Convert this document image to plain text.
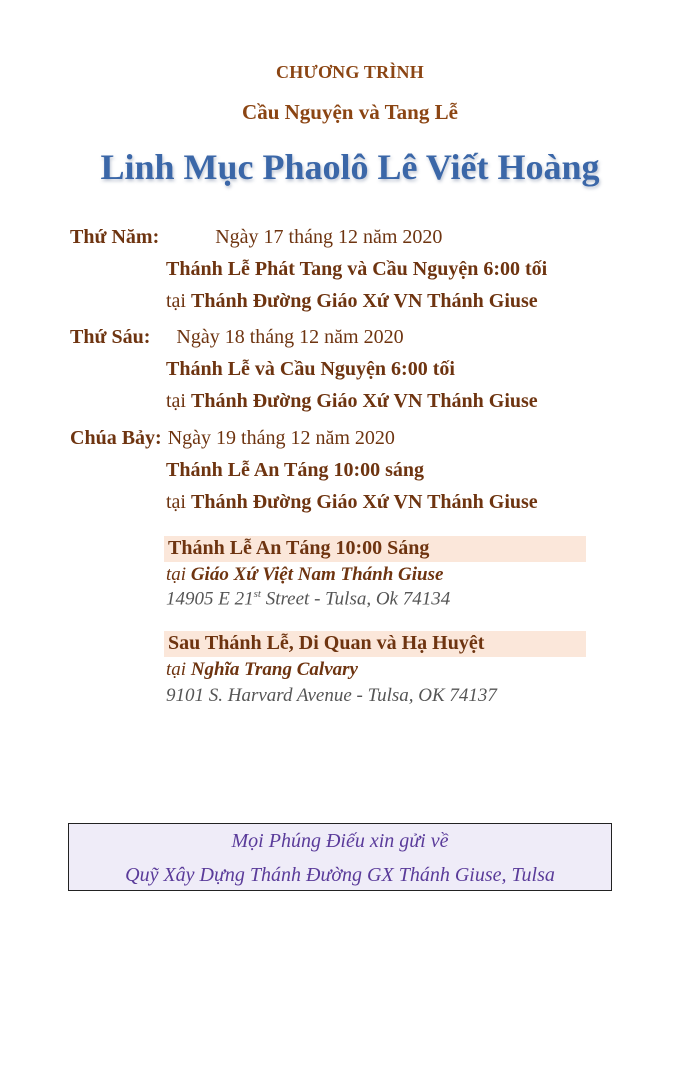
CHƯƠNG TRÌNH
Cầu Nguyện và Tang Lễ
Linh Mục Phaolô Lê Viết Hoàng
Thứ Năm:	Ngày 17 tháng 12 năm 2020
Thánh Lễ Phát Tang và Cầu Nguyện 6:00 tối
tại Thánh Đường Giáo Xứ VN Thánh Giuse
Thứ Sáu: Ngày 18 tháng 12 năm 2020
Thánh Lễ và Cầu Nguyện 6:00 tối
tại Thánh Đường Giáo Xứ VN Thánh Giuse
Chúa Bảy: Ngày 19 tháng 12 năm 2020
Thánh Lễ An Táng 10:00 sáng
tại Thánh Đường Giáo Xứ VN Thánh Giuse
Thánh Lễ An Táng 10:00 Sáng
tại Giáo Xứ Việt Nam Thánh Giuse
14905 E 21st Street - Tulsa, Ok 74134
Sau Thánh Lễ, Di Quan và Hạ Huyệt
tại Nghĩa Trang Calvary
9101 S. Harvard Avenue - Tulsa, OK 74137
Mọi Phúng Điếu xin gửi về
Quỹ Xây Dựng Thánh Đường GX Thánh Giuse, Tulsa
